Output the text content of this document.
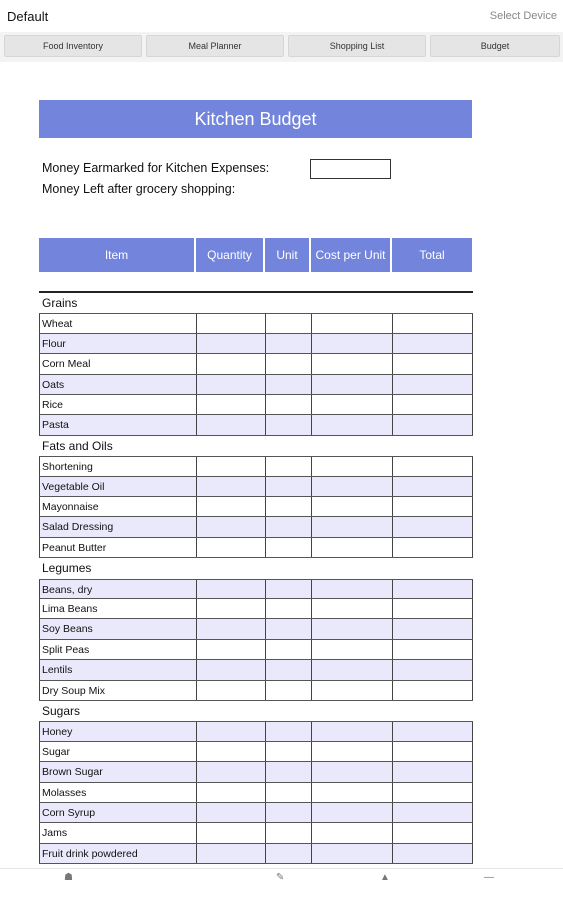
Default	Select Device
Food Inventory	Meal Planner	Shopping List	Budget
Kitchen Budget
Money Earmarked for Kitchen Expenses:
Money Left after grocery shopping:
Item	Quantity	Unit	Cost per Unit	Total
Grains
Wheat
Flour
Corn Meal
Oats
Rice
Pasta
Fats and Oils
Shortening
Vegetable Oil
Mayonnaise
Salad Dressing
Peanut Butter
Legumes
Beans, dry
Lima Beans
Soy Beans
Split Peas
Lentils
Dry Soup Mix
Sugars
Honey
Sugar
Brown Sugar
Molasses
Corn Syrup
Jams
Fruit drink powdered
☗	✎	▲	—
